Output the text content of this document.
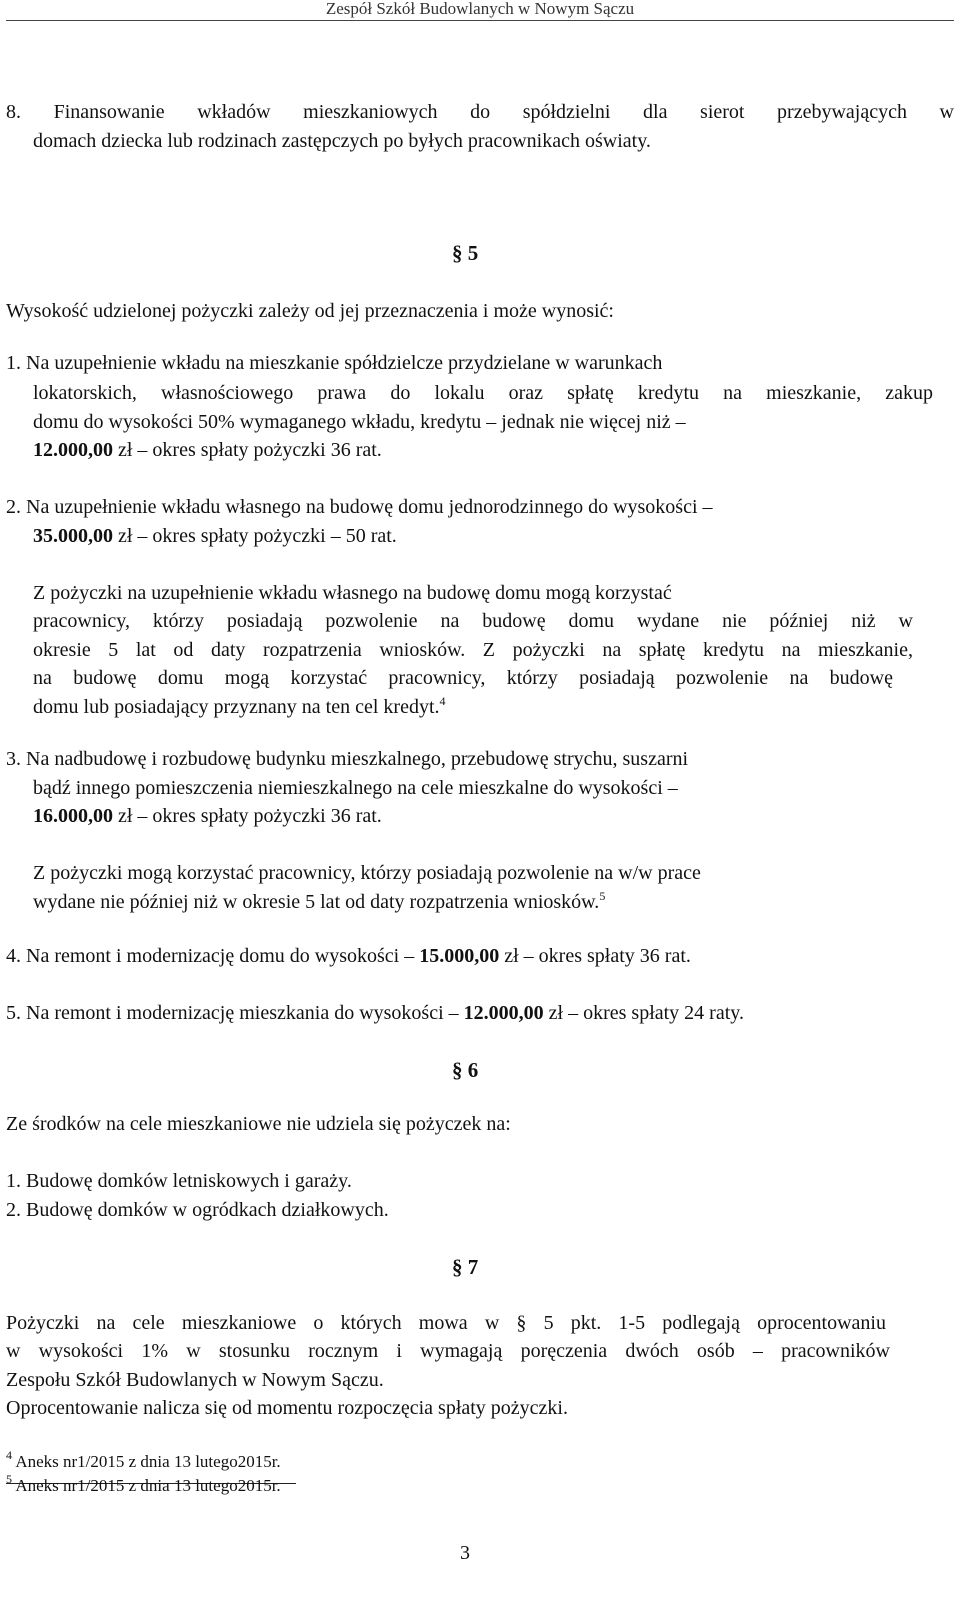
Zespół Szkół Budowlanych w Nowym Sączu
8. Finansowanie wkładów mieszkaniowych do spółdzielni dla sierot przebywających w
domach dziecka lub rodzinach zastępczych po byłych pracownikach oświaty.
§ 5
Wysokość udzielonej pożyczki zależy od jej przeznaczenia i może wynosić:
1. Na uzupełnienie wkładu na mieszkanie spółdzielcze przydzielane w warunkach
lokatorskich, własnościowego prawa do lokalu oraz spłatę kredytu na mieszkanie, zakup
domu do wysokości 50% wymaganego wkładu, kredytu – jednak nie więcej niż –
12.000,00 zł – okres spłaty pożyczki 36 rat.
2. Na uzupełnienie wkładu własnego na budowę domu jednorodzinnego do wysokości –
35.000,00 zł – okres spłaty pożyczki – 50 rat.
Z pożyczki na uzupełnienie wkładu własnego na budowę domu mogą korzystać
pracownicy, którzy posiadają pozwolenie na budowę domu wydane nie później niż w
okresie 5 lat od daty rozpatrzenia wniosków. Z pożyczki na spłatę kredytu na mieszkanie,
na budowę domu mogą korzystać pracownicy, którzy posiadają pozwolenie na budowę
domu lub posiadający przyznany na ten cel kredyt.$^4$
3. Na nadbudowę i rozbudowę budynku mieszkalnego, przebudowę strychu, suszarni
bądź innego pomieszczenia niemieszkalnego na cele mieszkalne do wysokości –
16.000,00 zł – okres spłaty pożyczki 36 rat.
Z pożyczki mogą korzystać pracownicy, którzy posiadają pozwolenie na w/w prace
wydane nie później niż w okresie 5 lat od daty rozpatrzenia wniosków.$^5$
4. Na remont i modernizację domu do wysokości – 15.000,00 zł – okres spłaty 36 rat.
5. Na remont i modernizację mieszkania do wysokości – 12.000,00 zł – okres spłaty 24 raty.
§ 6
Ze środków na cele mieszkaniowe nie udziela się pożyczek na:
1. Budowę domków letniskowych i garaży.
2. Budowę domków w ogródkach działkowych.
§ 7
Pożyczki na cele mieszkaniowe o których mowa w § 5 pkt. 1-5 podlegają oprocentowaniu
w wysokości 1% w stosunku rocznym i wymagają poręczenia dwóch osób – pracowników
Zespołu Szkół Budowlanych w Nowym Sączu.
Oprocentowanie nalicza się od momentu rozpoczęcia spłaty pożyczki.
$^4$ Aneks nr1/2015 z dnia 13 lutego2015r.
$^5$ Aneks nr1/2015 z dnia 13 lutego2015r.
3
